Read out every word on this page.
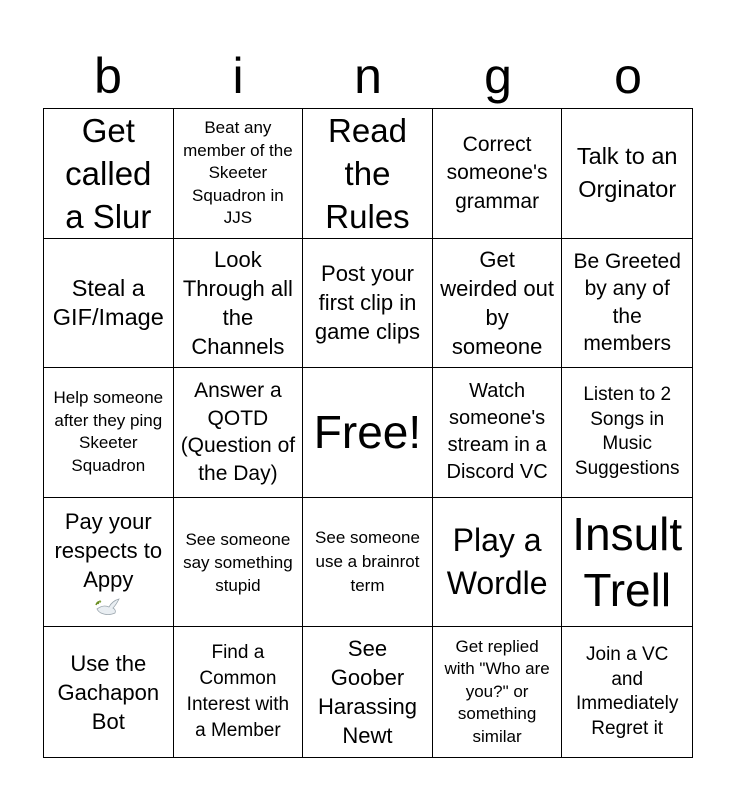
b	i	n	g	o
Get called a Slur
Beat any member of the Skeeter Squadron in JJS
Read the Rules
Correct someone's grammar
Talk to an Orginator
Steal a GIF/Image
Look Through all the Channels
Post your first clip in game clips
Get weirded out by someone
Be Greeted by any of the members
Help someone after they ping Skeeter Squadron
Answer a QOTD (Question of the Day)
Free!
Watch someone's stream in a Discord VC
Listen to 2 Songs in Music Suggestions
Pay your respects to Appy
See someone say something stupid
See someone use a brainrot term
Play a Wordle
Insult Trell
Use the Gachapon Bot
Find a Common Interest with a Member
See Goober Harassing Newt
Get replied with "Who are you?" or something similar
Join a VC and Immediately Regret it
